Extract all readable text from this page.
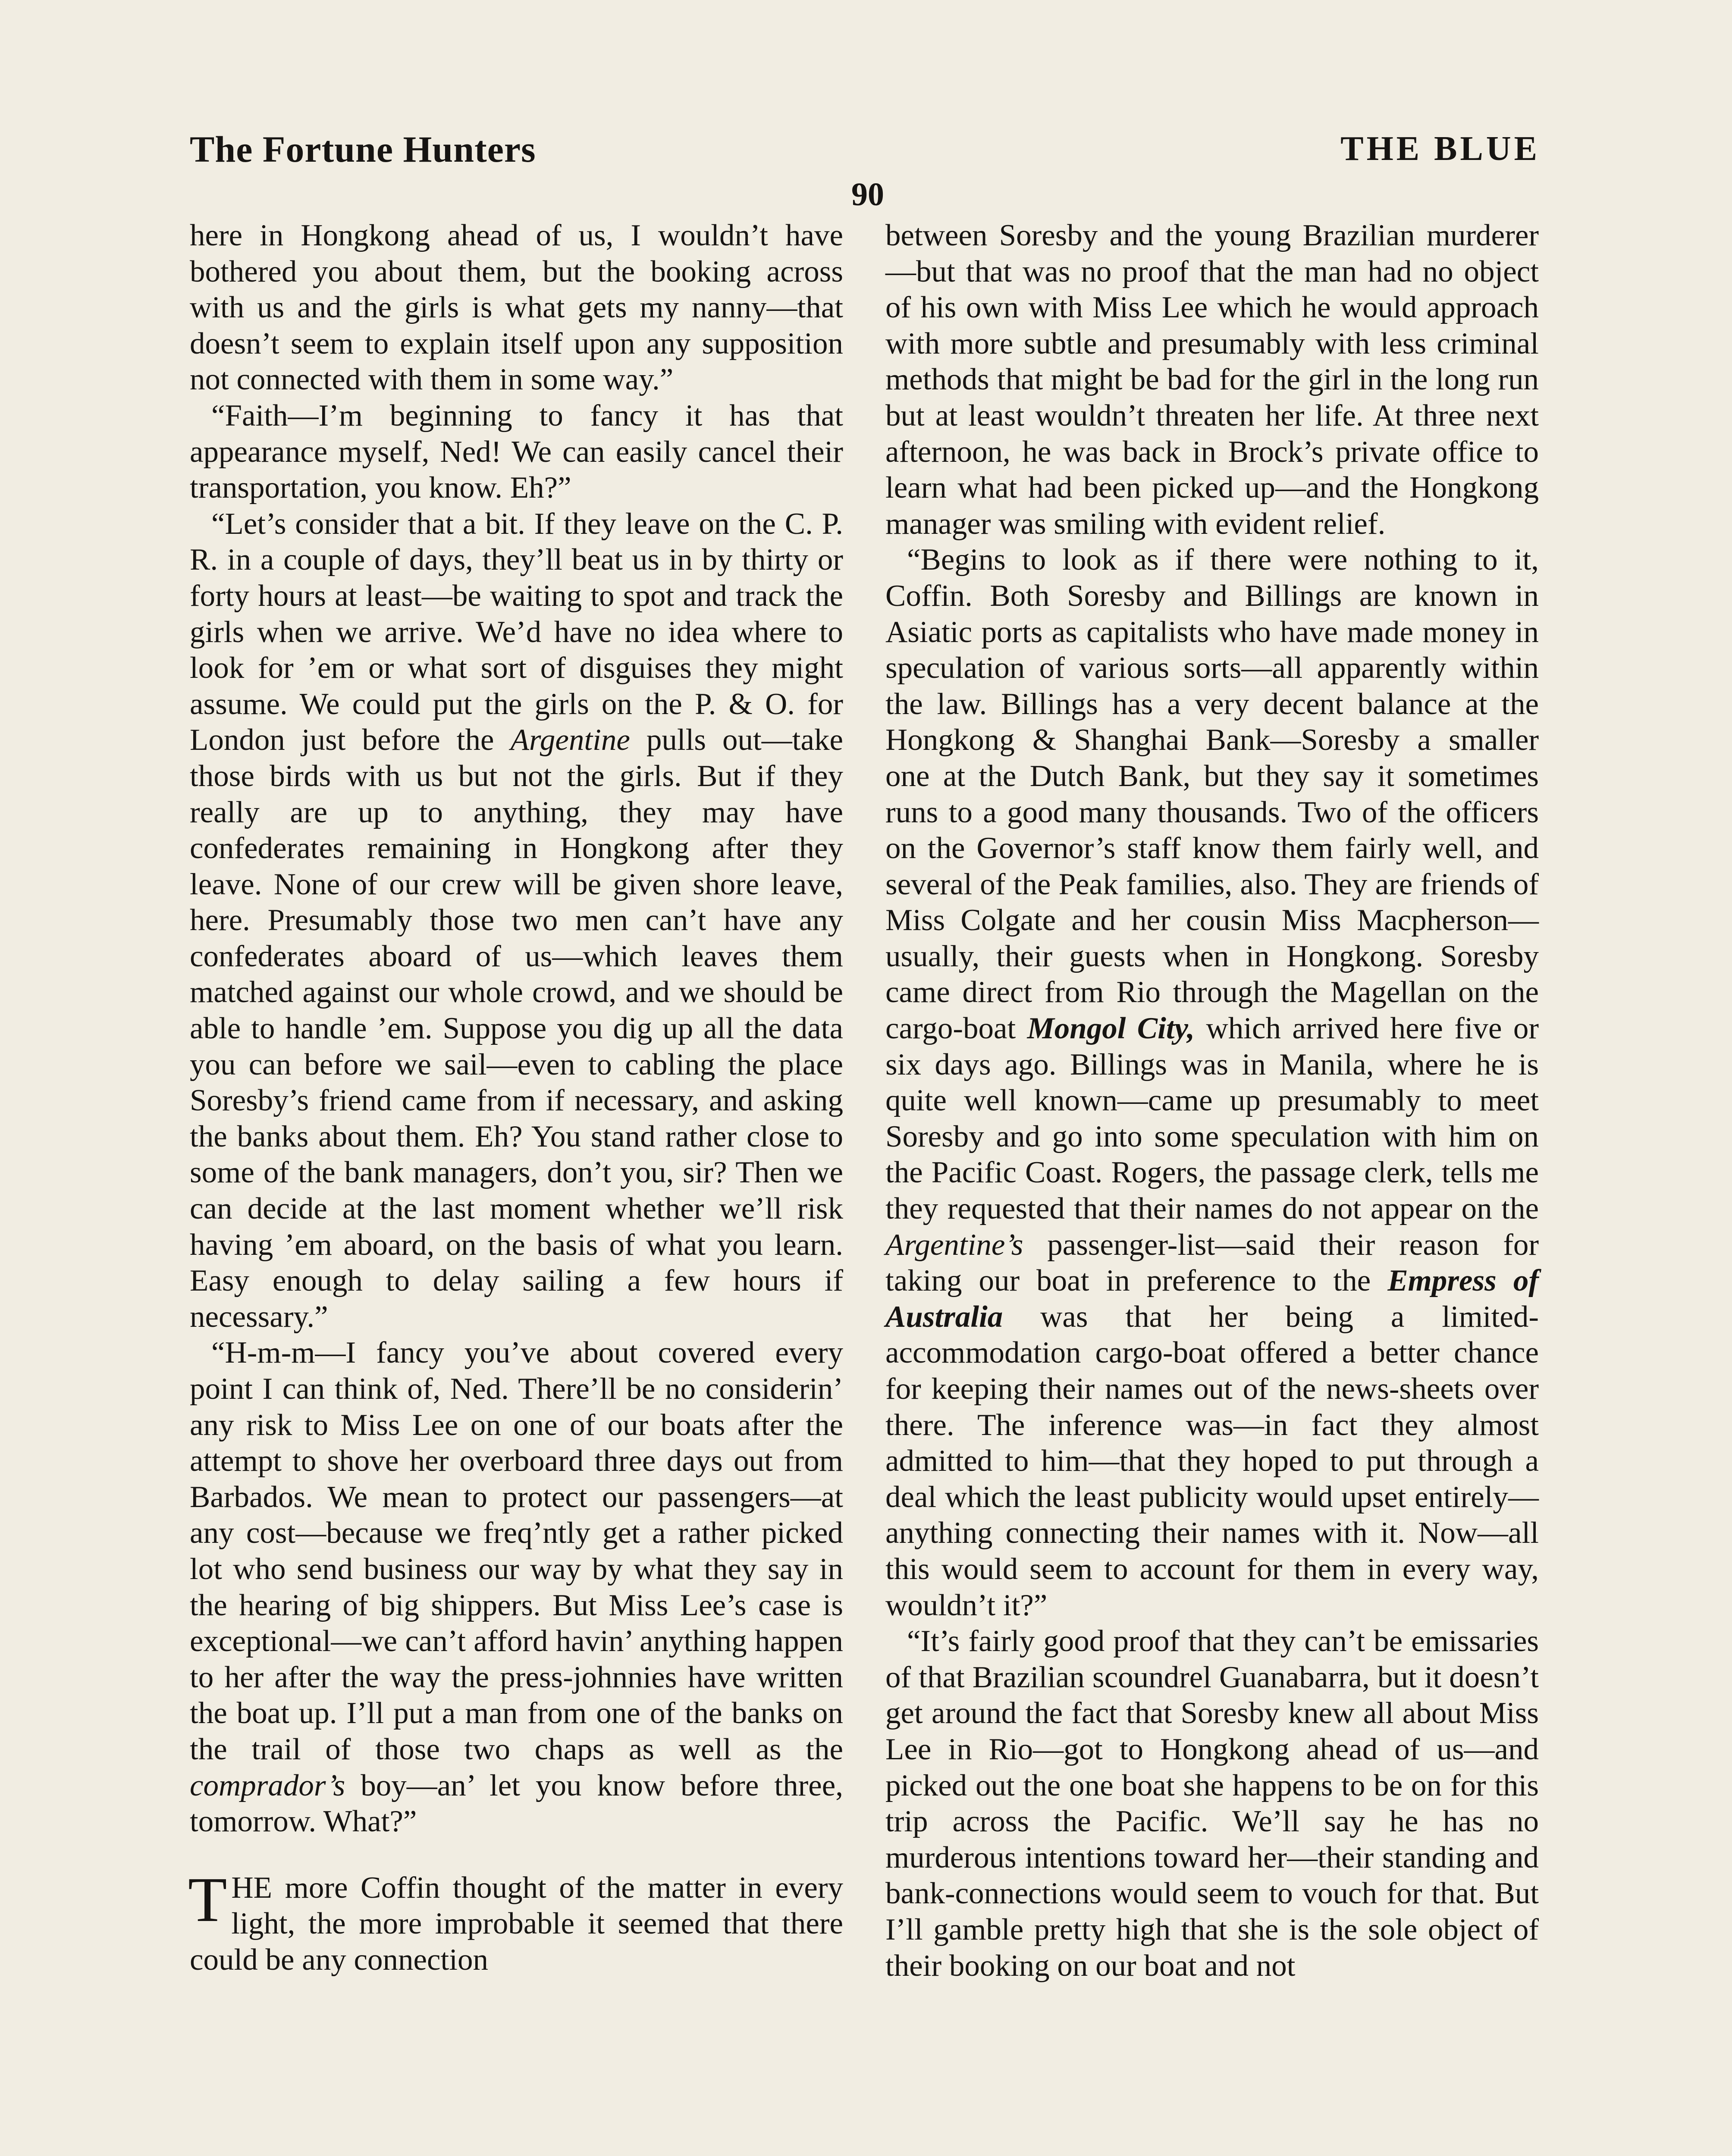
The Fortune Hunters	THE BLUE
90

here in Hongkong ahead of us, I wouldn’t have bothered you about them, but the booking across with us and the girls is what gets my nanny—that doesn’t seem to explain itself upon any supposition not connected with them in some way.”

“Faith—I’m beginning to fancy it has that appearance myself, Ned! We can easily cancel their transportation, you know. Eh?”

“Let’s consider that a bit. If they leave on the C. P. R. in a couple of days, they’ll beat us in by thirty or forty hours at least—be waiting to spot and track the girls when we arrive. We’d have no idea where to look for ’em or what sort of disguises they might assume. We could put the girls on the P. & O. for London just before the Argentine pulls out—take those birds with us but not the girls. But if they really are up to anything, they may have confederates remaining in Hongkong after they leave. None of our crew will be given shore leave, here. Presumably those two men can’t have any confederates aboard of us—which leaves them matched against our whole crowd, and we should be able to handle ’em. Suppose you dig up all the data you can before we sail—even to cabling the place Soresby’s friend came from if necessary, and asking the banks about them. Eh? You stand rather close to some of the bank managers, don’t you, sir? Then we can decide at the last moment whether we’ll risk having ’em aboard, on the basis of what you learn. Easy enough to delay sailing a few hours if necessary.”

“H-m-m—I fancy you’ve about covered every point I can think of, Ned. There’ll be no considerin’ any risk to Miss Lee on one of our boats after the attempt to shove her overboard three days out from Barbados. We mean to protect our passengers—at any cost—because we freq’ntly get a rather picked lot who send business our way by what they say in the hearing of big shippers. But Miss Lee’s case is exceptional—we can’t afford havin’ anything happen to her after the way the press-johnnies have written the boat up. I’ll put a man from one of the banks on the trail of those two chaps as well as the comprador’s boy—an’ let you know before three, tomorrow. What?”

THE more Coffin thought of the matter in every light, the more improbable it seemed that there could be any connection

between Soresby and the young Brazilian murderer—but that was no proof that the man had no object of his own with Miss Lee which he would approach with more subtle and presumably with less criminal methods that might be bad for the girl in the long run but at least wouldn’t threaten her life. At three next afternoon, he was back in Brock’s private office to learn what had been picked up—and the Hongkong manager was smiling with evident relief.

“Begins to look as if there were nothing to it, Coffin. Both Soresby and Billings are known in Asiatic ports as capitalists who have made money in speculation of various sorts—all apparently within the law. Billings has a very decent balance at the Hongkong & Shanghai Bank—Soresby a smaller one at the Dutch Bank, but they say it sometimes runs to a good many thousands. Two of the officers on the Governor’s staff know them fairly well, and several of the Peak families, also. They are friends of Miss Colgate and her cousin Miss Macpherson—usually, their guests when in Hongkong. Soresby came direct from Rio through the Magellan on the cargo-boat Mongol City, which arrived here five or six days ago. Billings was in Manila, where he is quite well known—came up presumably to meet Soresby and go into some speculation with him on the Pacific Coast. Rogers, the passage clerk, tells me they requested that their names do not appear on the Argentine’s passenger-list—said their reason for taking our boat in preference to the Empress of Australia was that her being a limited-accommodation cargo-boat offered a better chance for keeping their names out of the news-sheets over there. The inference was—in fact they almost admitted to him—that they hoped to put through a deal which the least publicity would upset entirely—anything connecting their names with it. Now—all this would seem to account for them in every way, wouldn’t it?”

“It’s fairly good proof that they can’t be emissaries of that Brazilian scoundrel Guanabarra, but it doesn’t get around the fact that Soresby knew all about Miss Lee in Rio—got to Hongkong ahead of us—and picked out the one boat she happens to be on for this trip across the Pacific. We’ll say he has no murderous intentions toward her—their standing and bank-connections would seem to vouch for that. But I’ll gamble pretty high that she is the sole object of their booking on our boat and not
